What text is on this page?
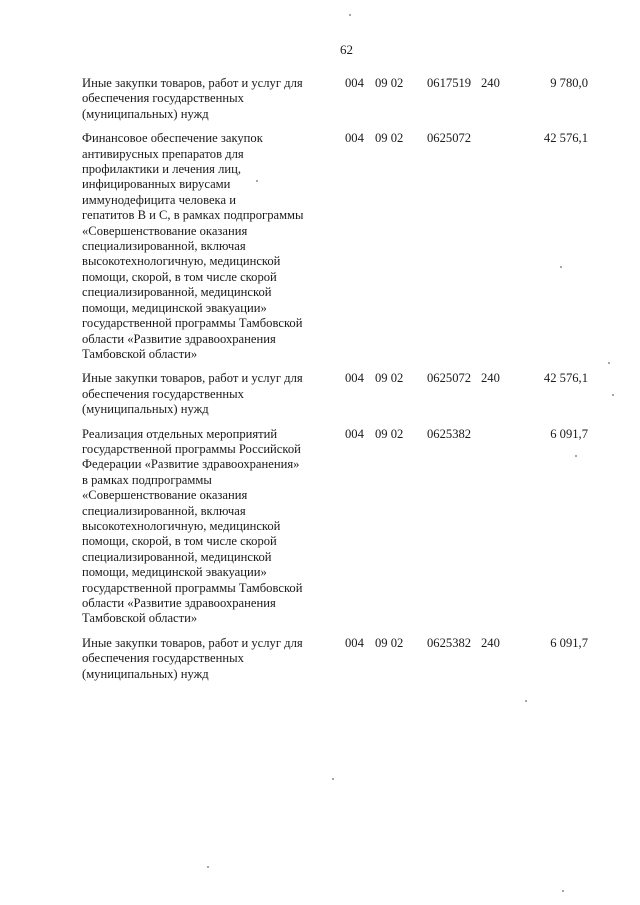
62
Иные закупки товаров, работ и услуг для
обеспечения государственных
(муниципальных) нужд
004 09 02 0617519 240	9 780,0
Финансовое обеспечение закупок
антивирусных препаратов для
профилактики и лечения лиц,
инфицированных вирусами
иммунодефицита человека и
гепатитов В и С, в рамках подпрограммы
«Совершенствование оказания
специализированной, включая
высокотехнологичную, медицинской
помощи, скорой, в том числе скорой
специализированной, медицинской
помощи, медицинской эвакуации»
государственной программы Тамбовской
области «Развитие здравоохранения
Тамбовской области»
004 09 02 0625072	42 576,1
Иные закупки товаров, работ и услуг для
обеспечения государственных
(муниципальных) нужд
004 09 02 0625072 240	42 576,1
Реализация отдельных мероприятий
государственной программы Российской
Федерации «Развитие здравоохранения»
в рамках подпрограммы
«Совершенствование оказания
специализированной, включая
высокотехнологичную, медицинской
помощи, скорой, в том числе скорой
специализированной, медицинской
помощи, медицинской эвакуации»
государственной программы Тамбовской
области «Развитие здравоохранения
Тамбовской области»
004 09 02 0625382	6 091,7
Иные закупки товаров, работ и услуг для
обеспечения государственных
(муниципальных) нужд
004 09 02 0625382 240	6 091,7
